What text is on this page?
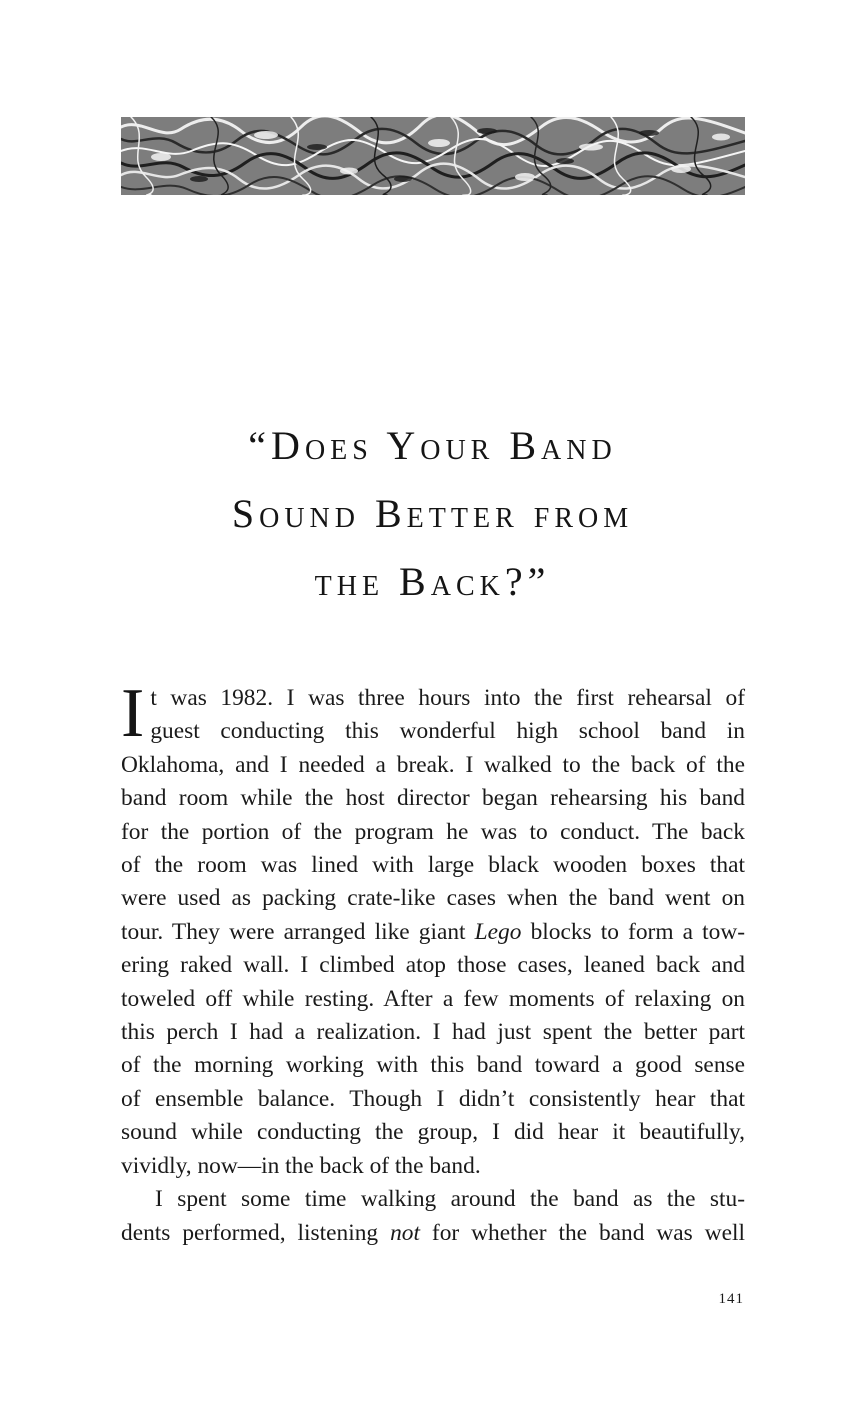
“Does Your Band
Sound Better from
the Back?”

I t was 1982. I was three hours into the first rehearsal of
guest conducting this wonderful high school band in
Oklahoma, and I needed a break. I walked to the back of the
band room while the host director began rehearsing his band
for the portion of the program he was to conduct. The back
of the room was lined with large black wooden boxes that
were used as packing crate-like cases when the band went on
tour. They were arranged like giant Lego blocks to form a tow-
ering raked wall. I climbed atop those cases, leaned back and
toweled off while resting. After a few moments of relaxing on
this perch I had a realization. I had just spent the better part
of the morning working with this band toward a good sense
of ensemble balance. Though I didn’t consistently hear that
sound while conducting the group, I did hear it beautifully,
vividly, now—in the back of the band.

I spent some time walking around the band as the stu-
dents performed, listening not for whether the band was well

141
